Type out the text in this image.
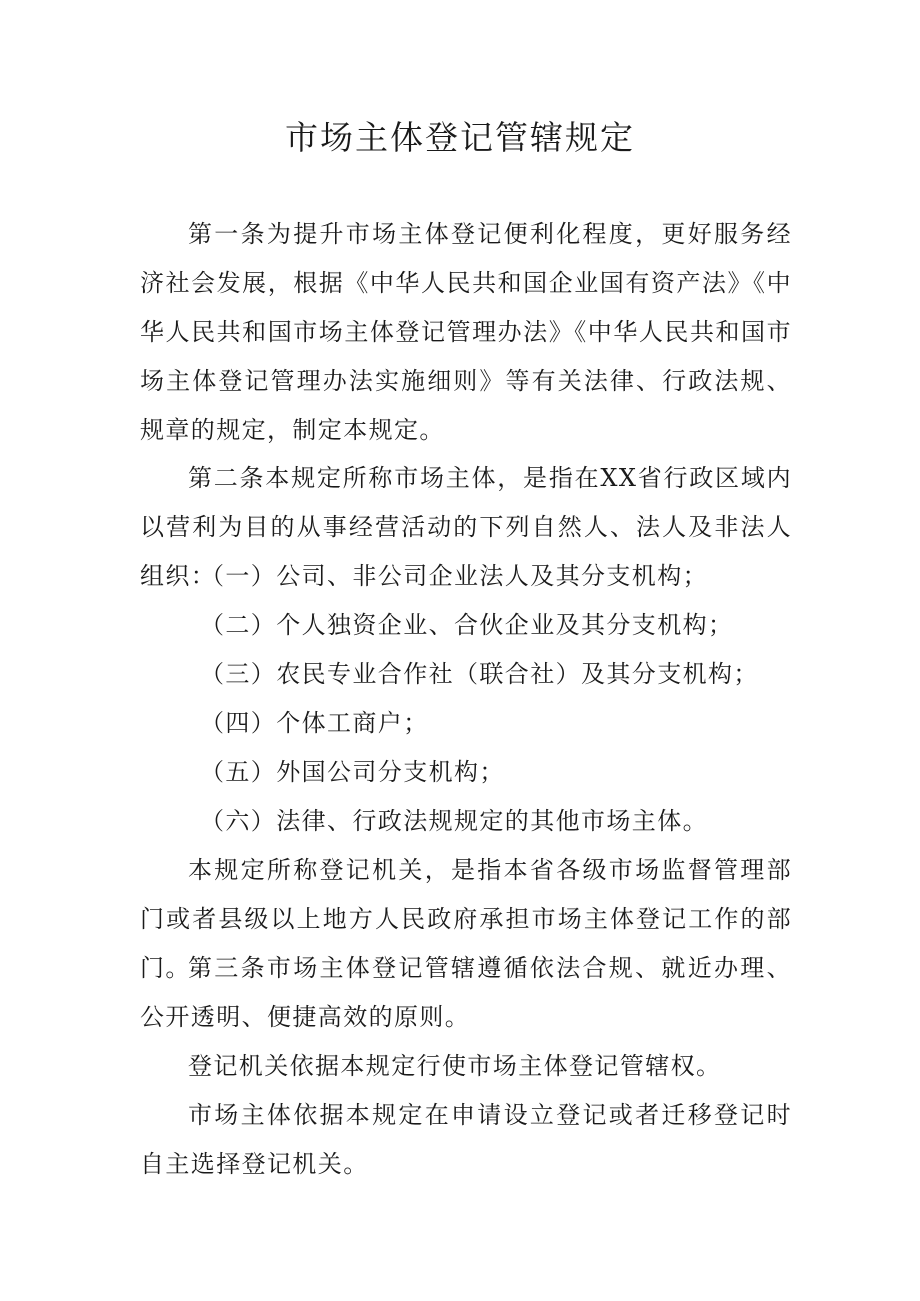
市场主体登记管辖规定

第一条为提升市场主体登记便利化程度，更好服务经济社会发展，根据《中华人民共和国企业国有资产法》《中华人民共和国市场主体登记管理办法》《中华人民共和国市场主体登记管理办法实施细则》等有关法律、行政法规、规章的规定，制定本规定。

第二条本规定所称市场主体，是指在XX省行政区域内以营利为目的从事经营活动的下列自然人、法人及非法人组织：

（一）公司、非公司企业法人及其分支机构；

（二）个人独资企业、合伙企业及其分支机构；

（三）农民专业合作社（联合社）及其分支机构；

（四）个体工商户；

（五）外国公司分支机构；

（六）法律、行政法规规定的其他市场主体。

本规定所称登记机关，是指本省各级市场监督管理部门或者县级以上地方人民政府承担市场主体登记工作的部门。

第三条市场主体登记管辖遵循依法合规、就近办理、公开透明、便捷高效的原则。

登记机关依据本规定行使市场主体登记管辖权。

市场主体依据本规定在申请设立登记或者迁移登记时自主选择登记机关。
